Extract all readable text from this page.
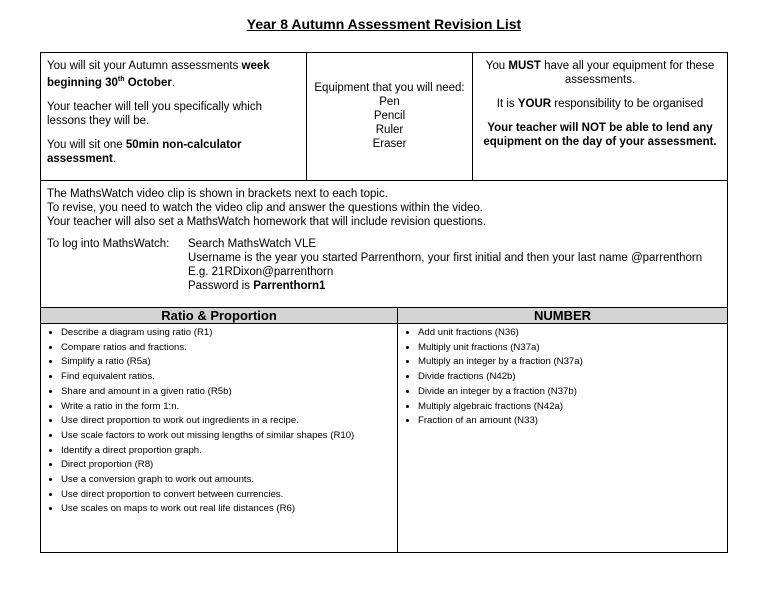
Year 8 Autumn Assessment Revision List

You will sit your Autumn assessments week beginning 30th October.

Your teacher will tell you specifically which lessons they will be.

You will sit one 50min non-calculator assessment.

Equipment that you will need:
Pen
Pencil
Ruler
Eraser

You MUST have all your equipment for these assessments.

It is YOUR responsibility to be organised

Your teacher will NOT be able to lend any equipment on the day of your assessment.

The MathsWatch video clip is shown in brackets next to each topic.

To revise, you need to watch the video clip and answer the questions within the video.

Your teacher will also set a MathsWatch homework that will include revision questions.

To log into MathsWatch: Search MathsWatch VLE
Username is the year you started Parrenthorn, your first initial and then your last name @parrenthorn
E.g. 21RDixon@parrenthorn
Password is Parrenthorn1
Ratio & Proportion
• Describe a diagram using ratio (R1)
• Compare ratios and fractions.
• Simplify a ratio (R5a)
• Find equivalent ratios.
• Share and amount in a given ratio (R5b)
• Write a ratio in the form 1:n.
• Use direct proportion to work out ingredients in a recipe.
• Use scale factors to work out missing lengths of similar shapes (R10)
• Identify a direct proportion graph.
• Direct proportion (R8)
• Use a conversion graph to work out amounts.
• Use direct proportion to convert between currencies.
• Use scales on maps to work out real life distances (R6)
NUMBER
• Add unit fractions (N36)
• Multiply unit fractions (N37a)
• Multiply an integer by a fraction (N37a)
• Divide fractions (N42b)
• Divide an integer by a fraction (N37b)
• Multiply algebraic fractions (N42a)
• Fraction of an amount (N33)
